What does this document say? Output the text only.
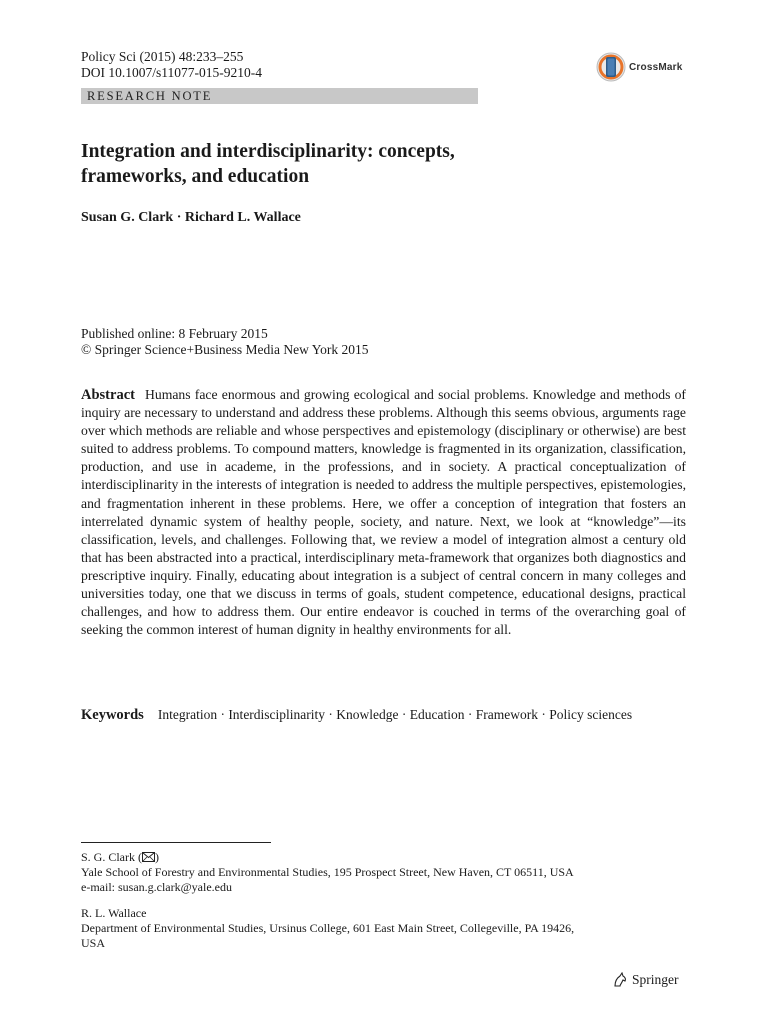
Policy Sci (2015) 48:233–255
DOI 10.1007/s11077-015-9210-4	CrossMark
RESEARCH NOTE
Integration and interdisciplinarity: concepts,
frameworks, and education
Susan G. Clark · Richard L. Wallace
Published online: 8 February 2015
© Springer Science+Business Media New York 2015
Abstract Humans face enormous and growing ecological and social problems. Knowledge and methods of inquiry are necessary to understand and address these problems. Although this seems obvious, arguments rage over which methods are reliable and whose perspectives and epistemology (disciplinary or otherwise) are best suited to address problems. To compound matters, knowledge is fragmented in its organization, classification, production, and use in academe, in the professions, and in society. A practical conceptualization of interdisciplinarity in the interests of integration is needed to address the multiple perspectives, epistemologies, and fragmentation inherent in these problems. Here, we offer a conception of integration that fosters an interrelated dynamic system of healthy people, society, and nature. Next, we look at “knowledge”—its classification, levels, and challenges. Following that, we review a model of integration almost a century old that has been abstracted into a practical, interdisciplinary meta-framework that organizes both diagnostics and prescriptive inquiry. Finally, educating about integration is a subject of central concern in many colleges and universities today, one that we discuss in terms of goals, student competence, educational designs, practical challenges, and how to address them. Our entire endeavor is couched in terms of the overarching goal of seeking the common interest of human dignity in healthy environments for all.
Keywords Integration · Interdisciplinarity · Knowledge · Education · Framework · Policy sciences
S. G. Clark ( )
Yale School of Forestry and Environmental Studies, 195 Prospect Street, New Haven, CT 06511, USA
e-mail: susan.g.clark@yale.edu
R. L. Wallace
Department of Environmental Studies, Ursinus College, 601 East Main Street, Collegeville, PA 19426,
USA
Springer
